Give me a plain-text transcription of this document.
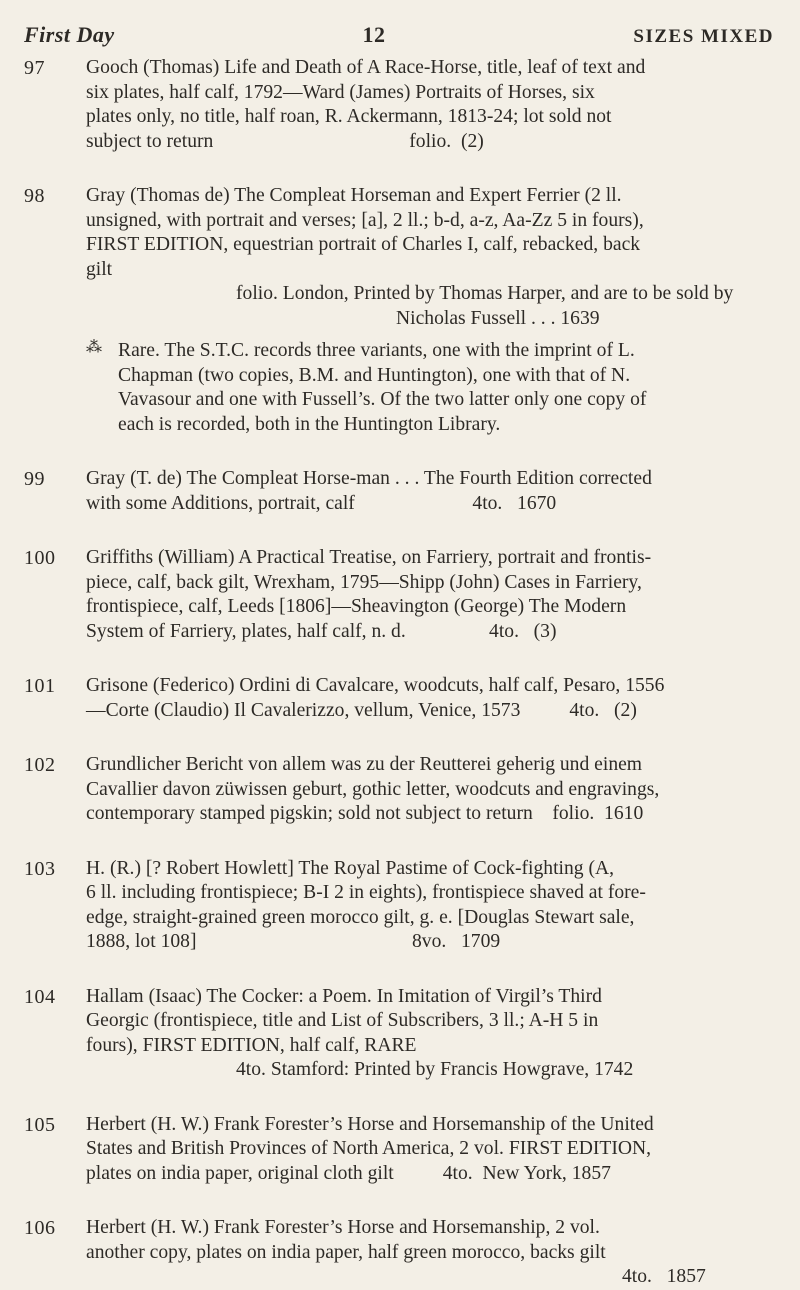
First Day	12	SIZES MIXED
97	Gooch (Thomas) Life and Death of A Race-Horse, title, leaf of text and
six plates, half calf, 1792—Ward (James) Portraits of Horses, six
plates only, no title, half roan, R. Ackermann, 1813-24; lot sold not
subject to return                                        folio.  (2)
98	Gray (Thomas de) The Compleat Horseman and Expert Ferrier (2 ll.
unsigned, with portrait and verses; [a], 2 ll.; b-d, a-z, Aa-Zz 5 in fours),
FIRST EDITION, equestrian portrait of Charles I, calf, rebacked, back
gilt
folio. London, Printed by Thomas Harper, and are to be sold by
Nicholas Fussell . . . 1639
⁂ Rare. The S.T.C. records three variants, one with the imprint of L.
Chapman (two copies, B.M. and Huntington), one with that of N.
Vavasour and one with Fussell’s. Of the two latter only one copy of
each is recorded, both in the Huntington Library.
99	Gray (T. de) The Compleat Horse-man . . . The Fourth Edition corrected
with some Additions, portrait, calf                        4to.   1670
100	Griffiths (William) A Practical Treatise, on Farriery, portrait and frontis-
piece, calf, back gilt, Wrexham, 1795—Shipp (John) Cases in Farriery,
frontispiece, calf, Leeds [1806]—Sheavington (George) The Modern
System of Farriery, plates, half calf, n. d.                 4to.   (3)
101	Grisone (Federico) Ordini di Cavalcare, woodcuts, half calf, Pesaro, 1556
—Corte (Claudio) Il Cavalerizzo, vellum, Venice, 1573          4to.   (2)
102	Grundlicher Bericht von allem was zu der Reutterei geherig und einem
Cavallier davon züwissen geburt, gothic letter, woodcuts and engravings,
contemporary stamped pigskin; sold not subject to return    folio.  1610
103	H. (R.) [? Robert Howlett] The Royal Pastime of Cock-fighting (A,
6 ll. including frontispiece; B-I 2 in eights), frontispiece shaved at fore-
edge, straight-grained green morocco gilt, g. e. [Douglas Stewart sale,
1888, lot 108]                                            8vo.   1709
104	Hallam (Isaac) The Cocker: a Poem. In Imitation of Virgil’s Third
Georgic (frontispiece, title and List of Subscribers, 3 ll.; A-H 5 in
fours), FIRST EDITION, half calf, RARE
4to. Stamford: Printed by Francis Howgrave, 1742
105	Herbert (H. W.) Frank Forester’s Horse and Horsemanship of the United
States and British Provinces of North America, 2 vol. FIRST EDITION,
plates on india paper, original cloth gilt          4to.  New York, 1857
106	Herbert (H. W.) Frank Forester’s Horse and Horsemanship, 2 vol.
another copy, plates on india paper, half green morocco, backs gilt
4to.   1857
